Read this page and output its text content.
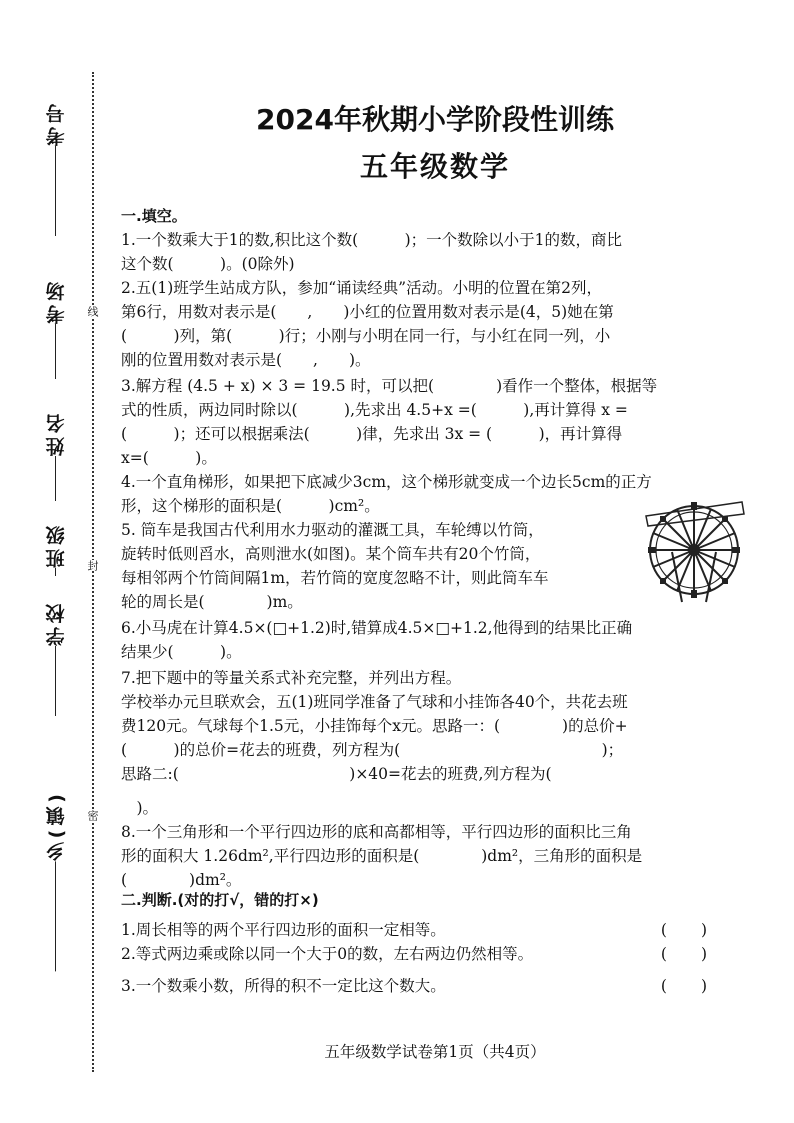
线
封
密
考号
考场
姓名
班级
学校
乡(镇)
2024年秋期小学阶段性训练
五年级数学
一.填空。
1.一个数乘大于1的数,积比这个数(　　　)；一个数除以小于1的数，商比
这个数(　　　)。(0除外)
2.五(1)班学生站成方队，参加“诵读经典”活动。小明的位置在第2列，
第6行，用数对表示是(　　,　　)小红的位置用数对表示是(4，5)她在第
(　　　)列，第(　　　)行；小刚与小明在同一行，与小红在同一列，小
刚的位置用数对表示是(　　,　　)。
3.解方程 (4.5 + x) × 3 = 19.5 时，可以把(　　　　)看作一个整体，根据等
式的性质，两边同时除以(　　　),先求出 4.5+x =(　　　),再计算得 x =
(　　　)；还可以根据乘法(　　　)律，先求出 3x = (　　　)，再计算得
x=(　　　)。
4.一个直角梯形，如果把下底减少3cm，这个梯形就变成一个边长5cm的正方
形，这个梯形的面积是(　　　)cm²。
5. 筒车是我国古代利用水力驱动的灌溉工具，车轮缚以竹筒，
旋转时低则舀水，高则泄水(如图)。某个筒车共有20个竹筒，
每相邻两个竹筒间隔1m，若竹筒的宽度忽略不计，则此筒车车
轮的周长是(　　　　)m。
6.小马虎在计算4.5×(□+1.2)时,错算成4.5×□+1.2,他得到的结果比正确
结果少(　　　)。
7.把下题中的等量关系式补充完整，并列出方程。
学校举办元旦联欢会，五(1)班同学准备了气球和小挂饰各40个，共花去班
费120元。气球每个1.5元，小挂饰每个x元。思路一：(　　　　)的总价+
(　　　)的总价=花去的班费，列方程为(　　　　　　　　　　　　　)；
思路二:(　　　　　　　　　　　)×40=花去的班费,列方程为(
　)。
8.一个三角形和一个平行四边形的底和高都相等，平行四边形的面积比三角
形的面积大 1.26dm²,平行四边形的面积是(　　　　)dm²，三角形的面积是
(　　　　)dm²。
二.判断.(对的打√，错的打×)
1.周长相等的两个平行四边形的面积一定相等。	()
2.等式两边乘或除以同一个大于0的数，左右两边仍然相等。	()
3.一个数乘小数，所得的积不一定比这个数大。	()
五年级数学试卷第1页（共4页）
